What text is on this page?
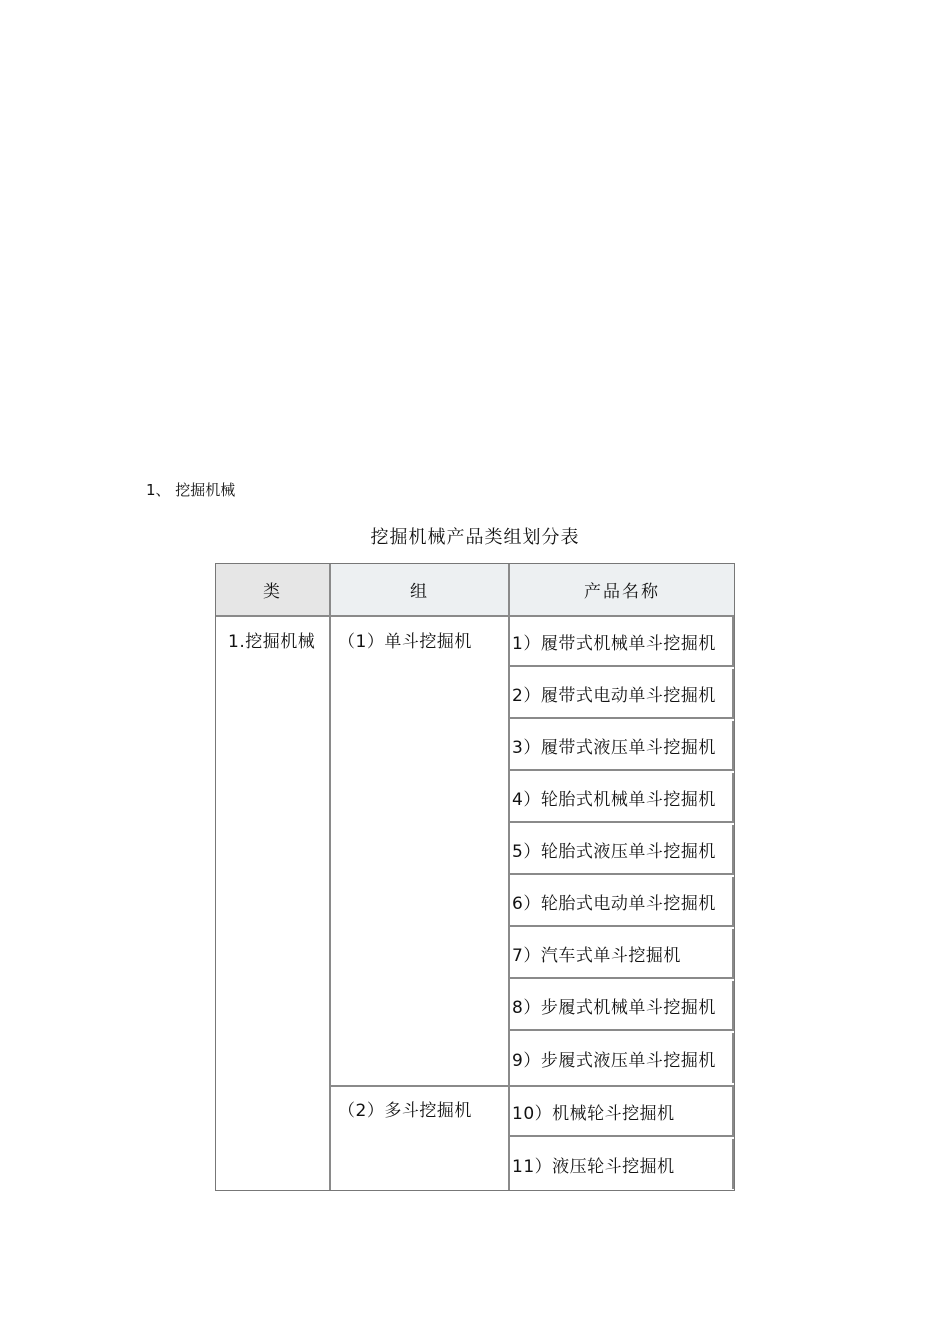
1、 挖掘机械
挖掘机械产品类组划分表
类	组	产品名称
1.挖掘机械 （1）单斗挖掘机
（2）多斗挖掘机
1）履带式机械单斗挖掘机
2）履带式电动单斗挖掘机
3）履带式液压单斗挖掘机
4）轮胎式机械单斗挖掘机
5）轮胎式液压单斗挖掘机
6）轮胎式电动单斗挖掘机
7）汽车式单斗挖掘机
8）步履式机械单斗挖掘机
9）步履式液压单斗挖掘机
10）机械轮斗挖掘机
11）液压轮斗挖掘机
